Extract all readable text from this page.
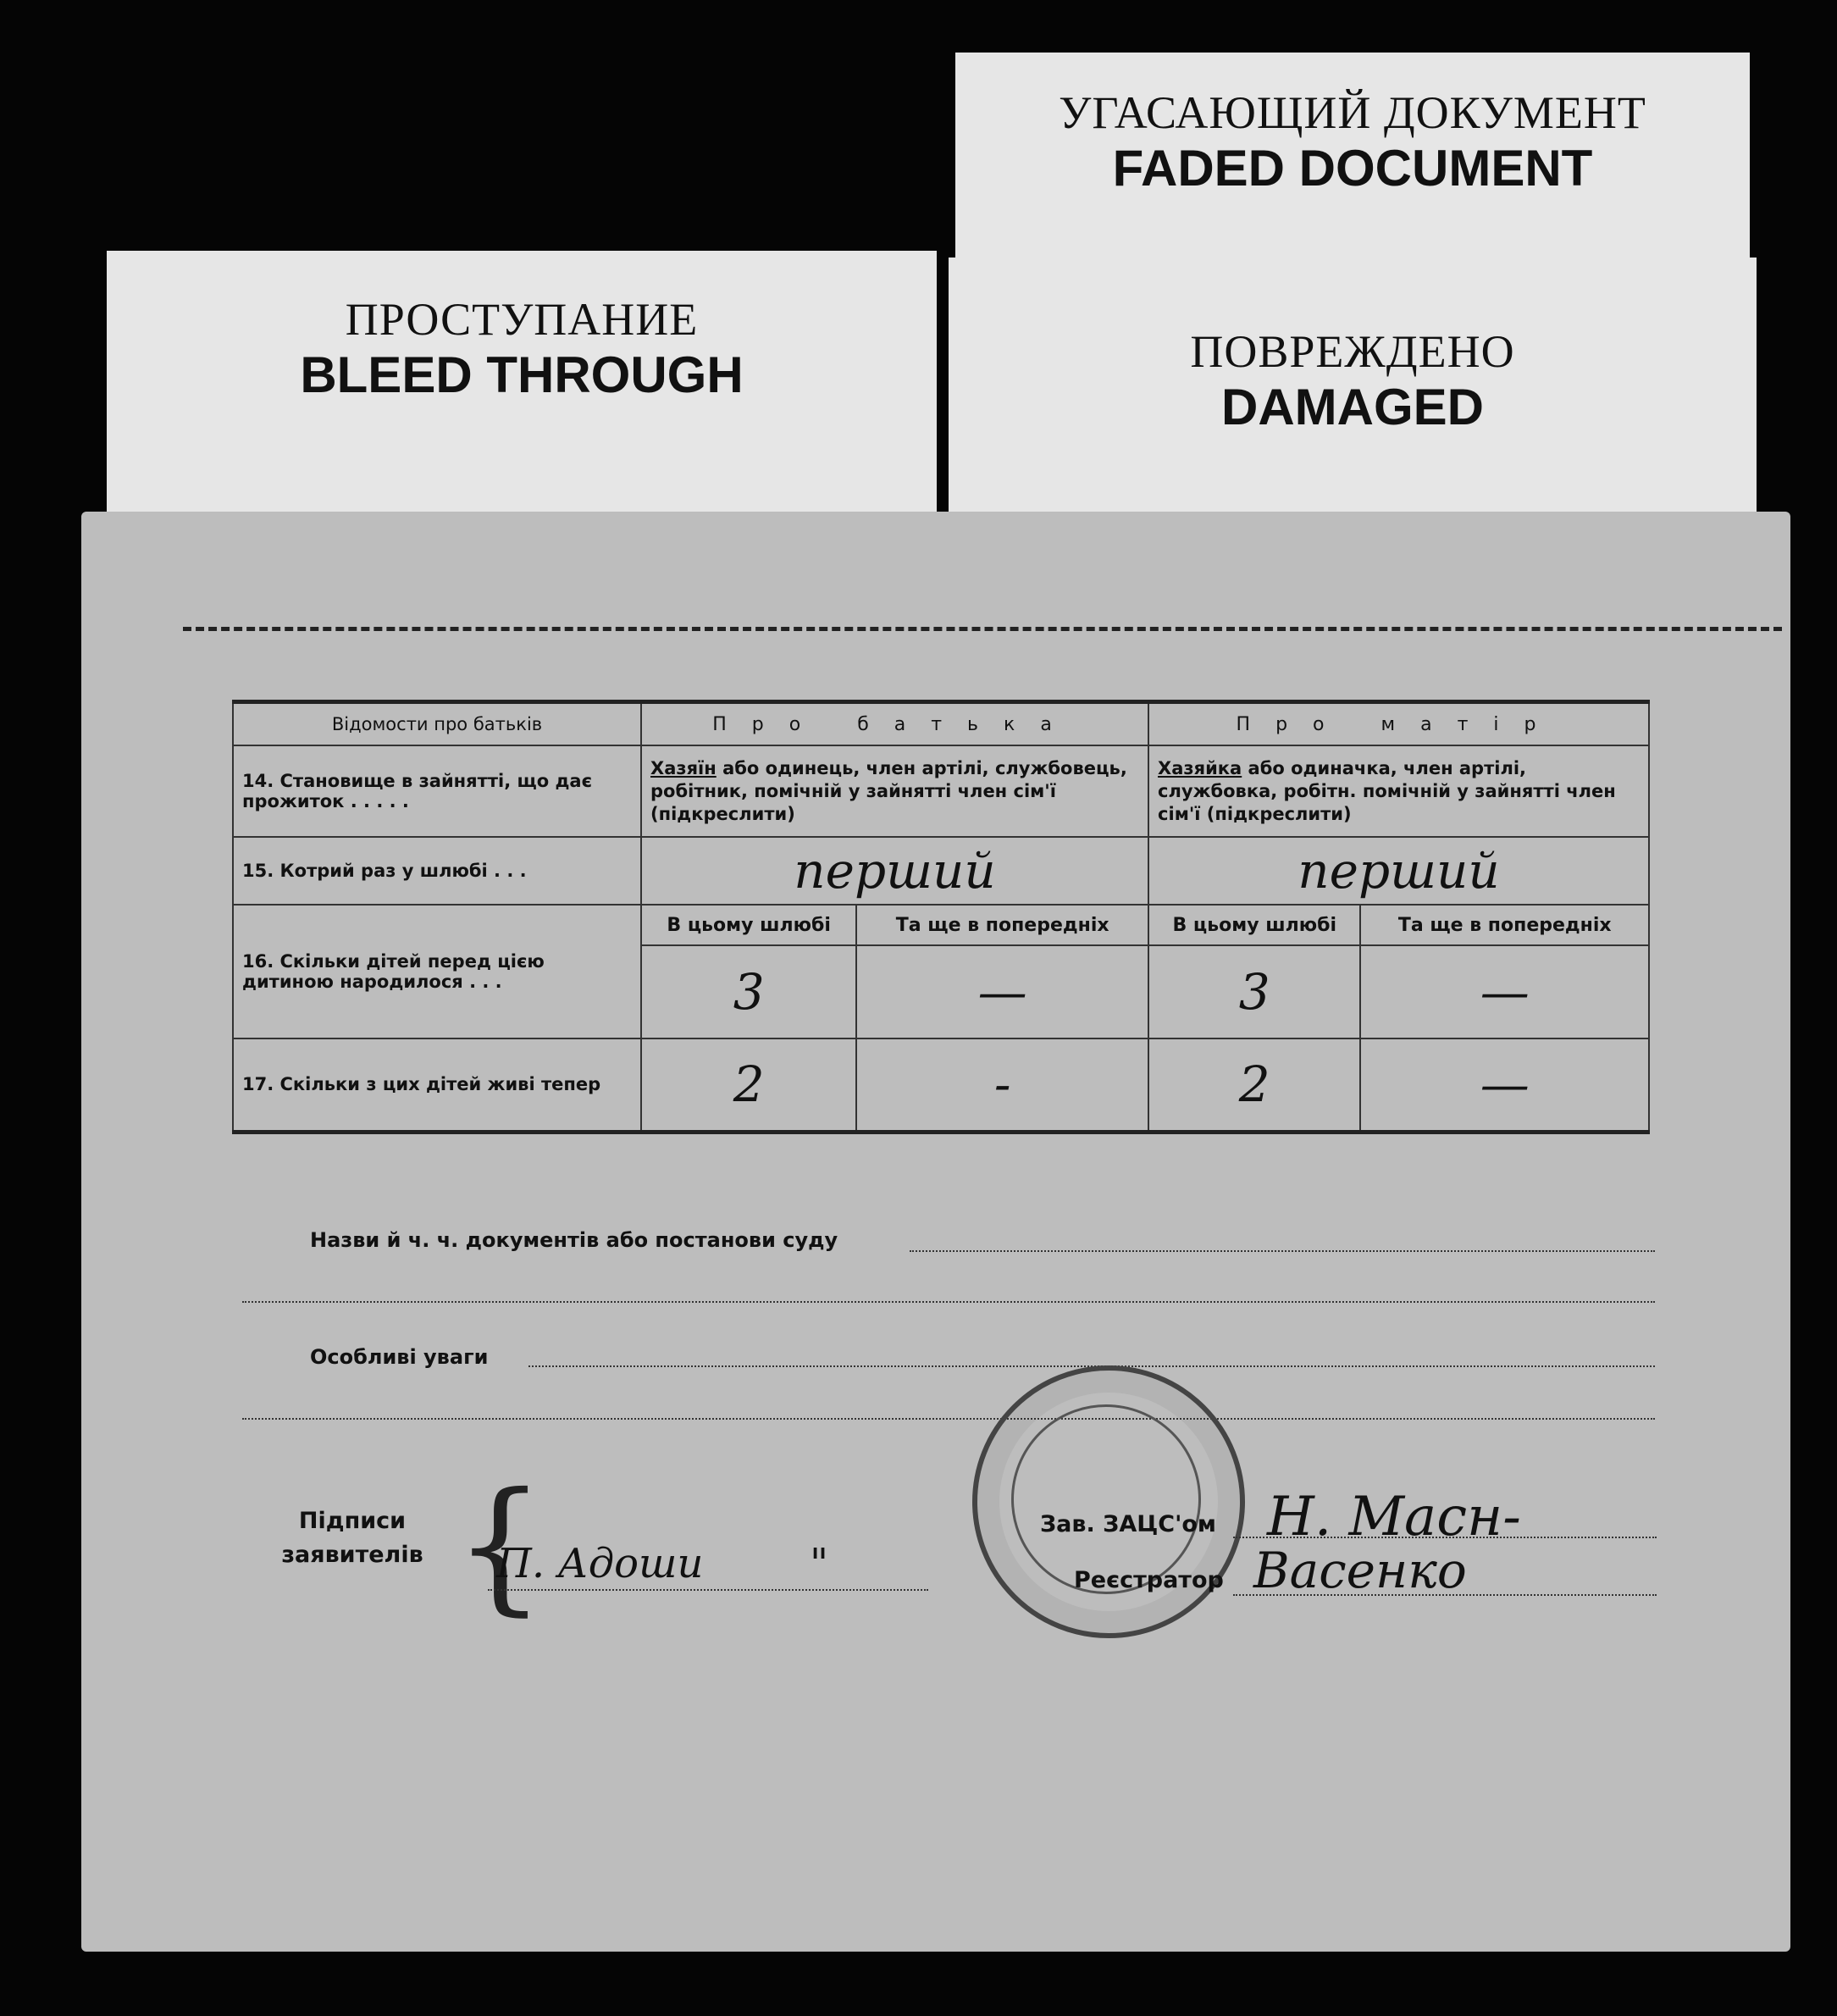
УГАСАЮЩИЙ ДОКУМЕНТ
FADED DOCUMENT
ПРОСТУПАНИЕ
BLEED THROUGH	ПОВРЕЖДЕНО
DAMAGED
Відомости про батьків	Про батька		Про матір	
14. Становище в зайнятті, що дає прожиток . . . . .	Хазяїн або одинець, член артілі, службовець, робітник, помічній у зайнятті член сім'ї (підкреслити)		Хазяйка або одиначка, член артілі, службовка, робітн. помічній у зайнятті член сім'ї (підкреслити)	
15. Котрий раз у шлюбі . . .	перший		перший	
16. Скільки дітей перед цією дитиною народилося . . .	В цьому шлюбі	Та ще в попередніх	В цьому шлюбі	Та ще в попередніх
	3	—	3	—
17. Скільки з цих дітей живі тепер	2	-	2	—
Назви й ч. ч. документів або постанови суду
Особливі уваги
Підписи
заявителів {
П. Адоши	"
Зав. ЗАЦС'ом Н. Масн-
Реєстратор Васенко
